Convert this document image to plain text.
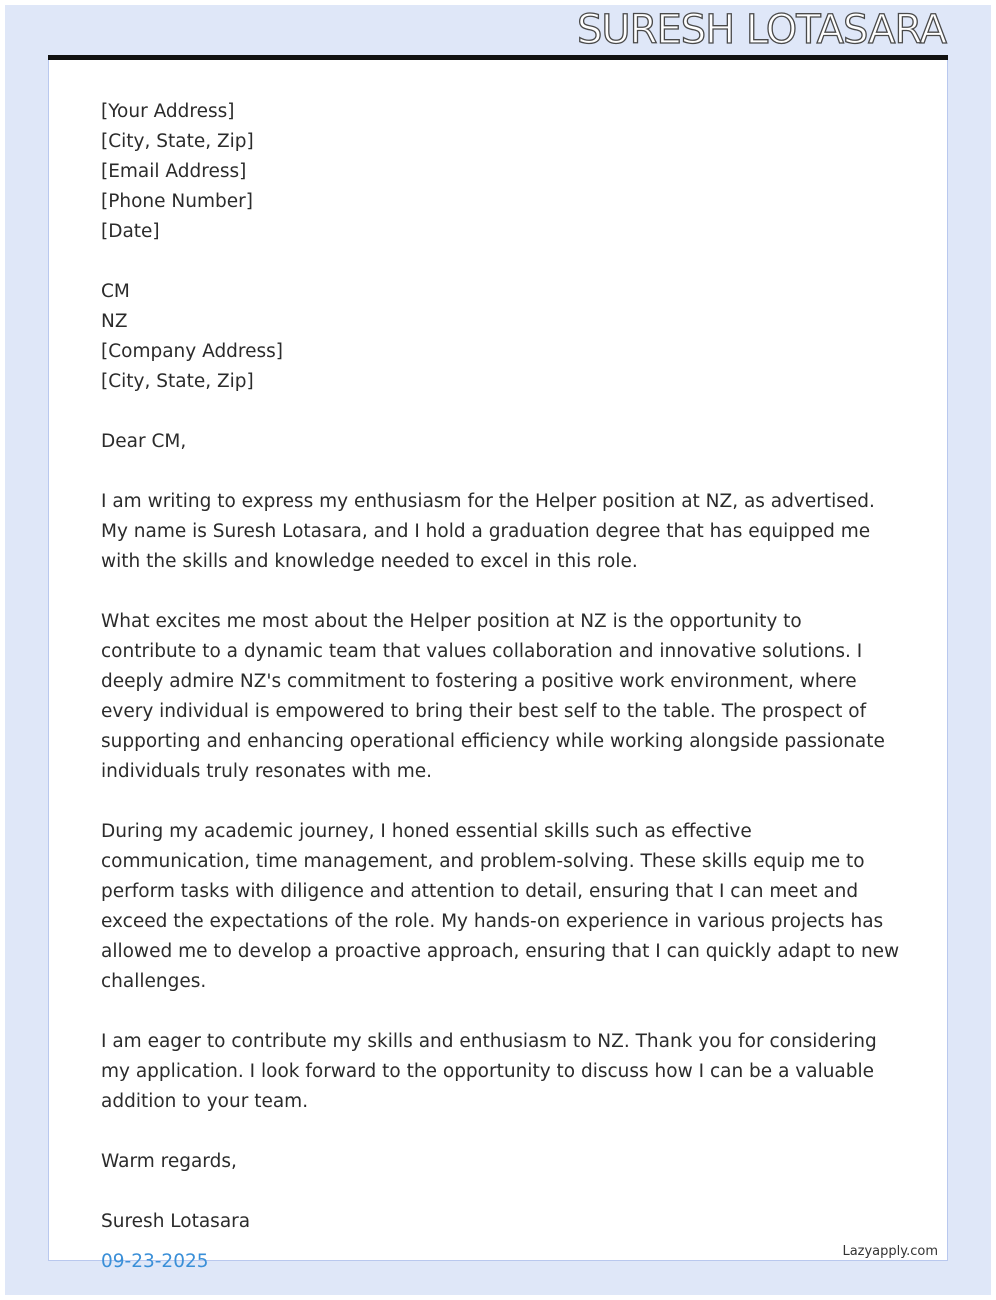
SURESH LOTASARA
[Your Address]
[City, State, Zip]
[Email Address]
[Phone Number]
[Date]
CM
NZ
[Company Address]
[City, State, Zip]

Dear CM,

I am writing to express my enthusiasm for the Helper position at NZ, as advertised. My name is Suresh Lotasara, and I hold a graduation degree that has equipped me with the skills and knowledge needed to excel in this role.

What excites me most about the Helper position at NZ is the opportunity to contribute to a dynamic team that values collaboration and innovative solutions. I deeply admire NZ's commitment to fostering a positive work environment, where every individual is empowered to bring their best self to the table. The prospect of supporting and enhancing operational efficiency while working alongside passionate individuals truly resonates with me.

During my academic journey, I honed essential skills such as effective communication, time management, and problem-solving. These skills equip me to perform tasks with diligence and attention to detail, ensuring that I can meet and exceed the expectations of the role. My hands-on experience in various projects has allowed me to develop a proactive approach, ensuring that I can quickly adapt to new challenges.

I am eager to contribute my skills and enthusiasm to NZ. Thank you for considering my application. I look forward to the opportunity to discuss how I can be a valuable addition to your team.

Warm regards,

Suresh Lotasara

09-23-2025	Lazyapply.com
